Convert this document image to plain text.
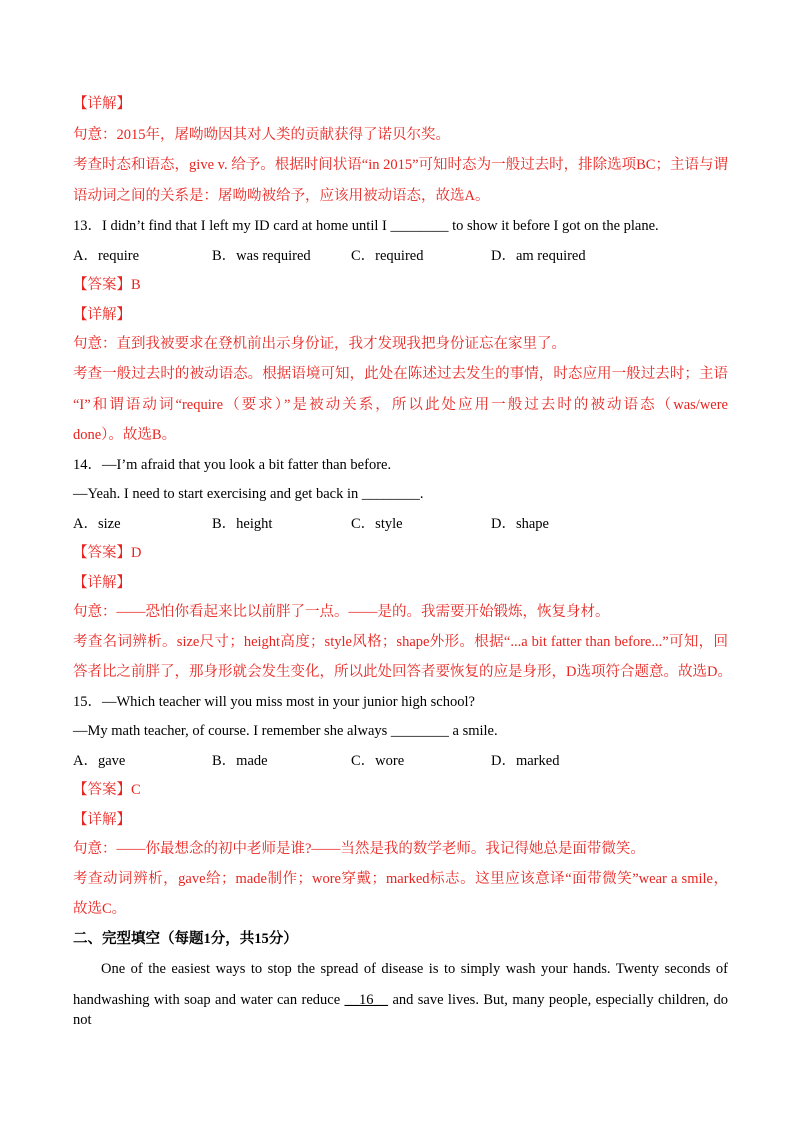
【详解】
句意：2015年，屠呦呦因其对人类的贡献获得了诺贝尔奖。
考查时态和语态，give v. 给予。根据时间状语“in 2015”可知时态为一般过去时，排除选项BC；主语与谓
语动词之间的关系是：屠呦呦被给予，应该用被动语态，故选A。
13．I didn’t find that I left my ID card at home until I ________ to show it before I got on the plane.
A．require	B．was required	C．required	D．am required
【答案】B
【详解】
句意：直到我被要求在登机前出示身份证，我才发现我把身份证忘在家里了。
考查一般过去时的被动语态。根据语境可知，此处在陈述过去发生的事情，时态应用一般过去时；主语
“I”和谓语动词“require（要求）”是被动关系，所以此处应用一般过去时的被动语态（was/were
done）。故选B。
14．—I’m afraid that you look a bit fatter than before.
—Yeah. I need to start exercising and get back in ________.
A．size	B．height	C．style	D．shape
【答案】D
【详解】
句意：——恐怕你看起来比以前胖了一点。——是的。我需要开始锻炼，恢复身材。
考查名词辨析。size尺寸；height高度；style风格；shape外形。根据“...a bit fatter than before...”可知，回
答者比之前胖了，那身形就会发生变化，所以此处回答者要恢复的应是身形，D选项符合题意。故选D。
15．—Which teacher will you miss most in your junior high school?
—My math teacher, of course. I remember she always ________ a smile.
A．gave	B．made	C．wore	D．marked
【答案】C
【详解】
句意：——你最想念的初中老师是谁?——当然是我的数学老师。我记得她总是面带微笑。
考查动词辨析，gave给；made制作；wore穿戴；marked标志。这里应该意译“面带微笑”wear a smile，
故选C。
二、完型填空（每题1分，共15分）
One of the easiest ways to stop the spread of disease is to simply wash your hands. Twenty seconds of
handwashing with soap and water can reduce __16__ and save lives. But, many people, especially children, do not
